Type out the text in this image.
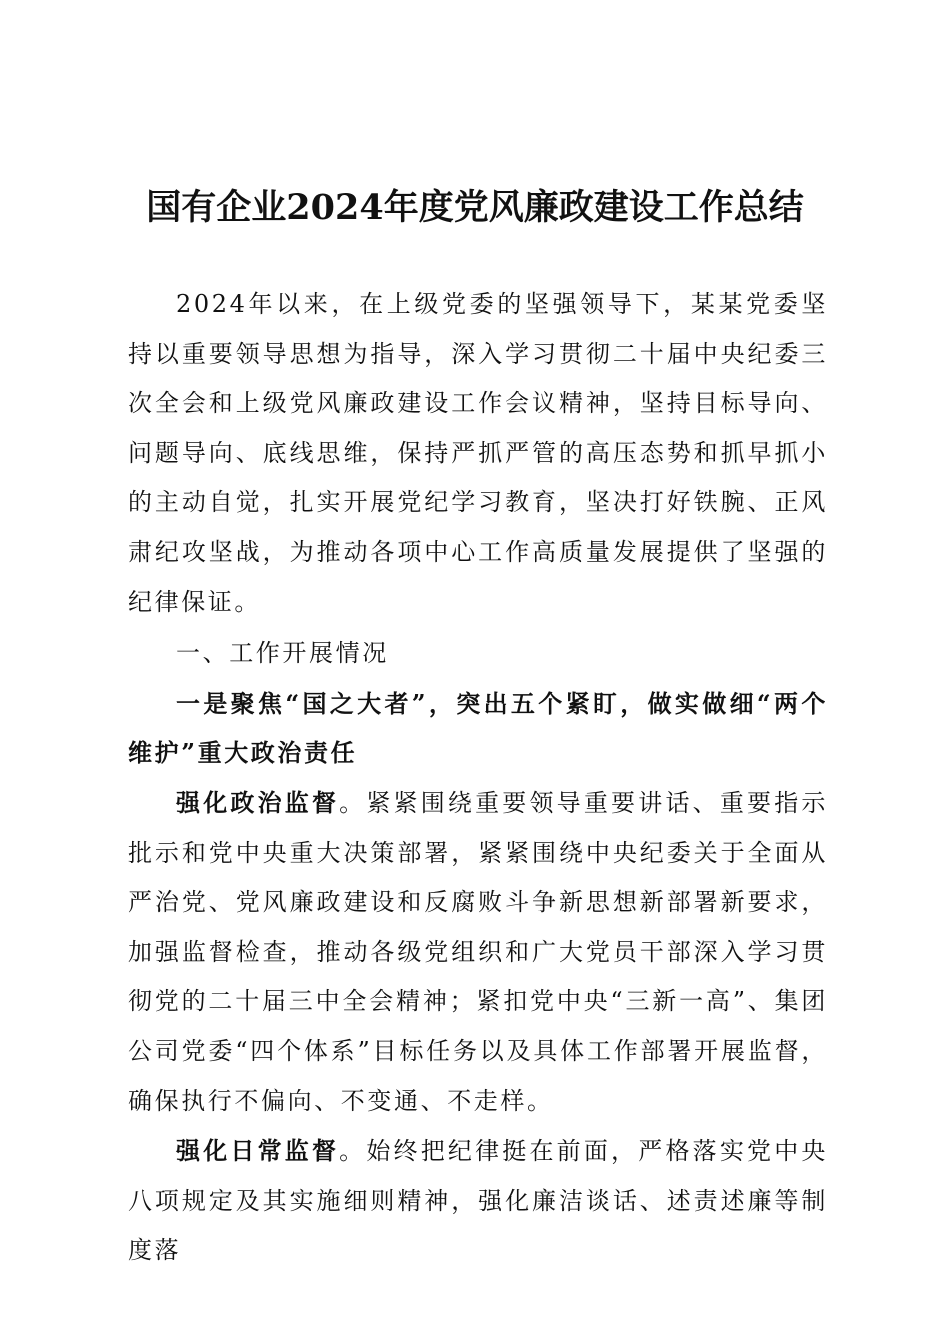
国有企业2024年度党风廉政建设工作总结

2024年以来，在上级党委的坚强领导下，某某党委坚持以重要领导思想为指导，深入学习贯彻二十届中央纪委三次全会和上级党风廉政建设工作会议精神，坚持目标导向、问题导向、底线思维，保持严抓严管的高压态势和抓早抓小的主动自觉，扎实开展党纪学习教育，坚决打好铁腕、正风肃纪攻坚战，为推动各项中心工作高质量发展提供了坚强的纪律保证。

一、工作开展情况

一是聚焦“国之大者”，突出五个紧盯，做实做细“两个维护”重大政治责任

强化政治监督。紧紧围绕重要领导重要讲话、重要指示批示和党中央重大决策部署，紧紧围绕中央纪委关于全面从严治党、党风廉政建设和反腐败斗争新思想新部署新要求，加强监督检查，推动各级党组织和广大党员干部深入学习贯彻党的二十届三中全会精神；紧扣党中央“三新一高”、集团公司党委“四个体系”目标任务以及具体工作部署开展监督，确保执行不偏向、不变通、不走样。

强化日常监督。始终把纪律挺在前面，严格落实党中央八项规定及其实施细则精神，强化廉洁谈话、述责述廉等制度落
